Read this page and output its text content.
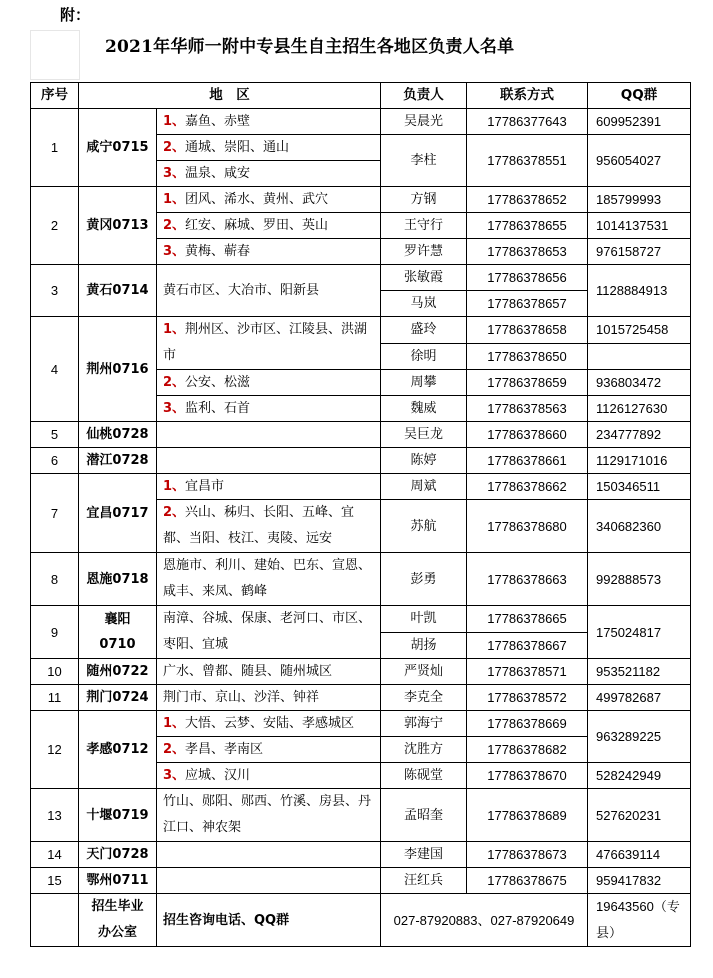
附：
2021年华师一附中专县生自主招生各地区负责人名单
序号	地　区		负责人	联系方式	QQ群
1	咸宁0715	1、嘉鱼、赤壁	吴晨光	17786377643	609952391
		2、通城、崇阳、通山	李柱	17786378551	956054027
		3、温泉、咸安			
2	黄冈0713	1、团风、浠水、黄州、武穴	方钢	17786378652	185799993
		2、红安、麻城、罗田、英山	王守行	17786378655	1014137531
		3、黄梅、蕲春	罗许慧	17786378653	976158727
3	黄石0714	黄石市区、大冶市、阳新县	张敏霞	17786378656	1128884913
			马岚	17786378657	
4	荆州0716	1、荆州区、沙市区、江陵县、洪湖市	盛玲	17786378658	1015725458
			徐明	17786378650	
		2、公安、松滋	周攀	17786378659	936803472
		3、监利、石首	魏威	17786378563	1126127630
5	仙桃0728		吴巨龙	17786378660	234777892
6	潜江0728		陈婷	17786378661	1129171016
7	宜昌0717	1、宜昌市	周斌	17786378662	150346511
		2、兴山、秭归、长阳、五峰、宜都、当阳、枝江、夷陵、远安	苏航	17786378680	340682360
8	恩施0718	恩施市、利川、建始、巴东、宣恩、咸丰、来凤、鹤峰	彭勇	17786378663	992888573
9	襄阳0710	南漳、谷城、保康、老河口、市区、枣阳、宜城	叶凯	17786378665	175024817
			胡扬	17786378667	
10	随州0722	广水、曾都、随县、随州城区	严贤灿	17786378571	953521182
11	荆门0724	荆门市、京山、沙洋、钟祥	李克全	17786378572	499782687
12	孝感0712	1、大悟、云梦、安陆、孝感城区	郭海宁	17786378669	963289225
		2、孝昌、孝南区	沈胜方	17786378682	
		3、应城、汉川	陈砚堂	17786378670	528242949
13	十堰0719	竹山、郧阳、郧西、竹溪、房县、丹江口、神农架	孟昭奎	17786378689	527620231
14	天门0728		李建国	17786378673	476639114
15	鄂州0711		汪红兵	17786378675	959417832
	招生毕业办公室	招生咨询电话、QQ群	027-87920883、027-87920649		19643560（专县）
